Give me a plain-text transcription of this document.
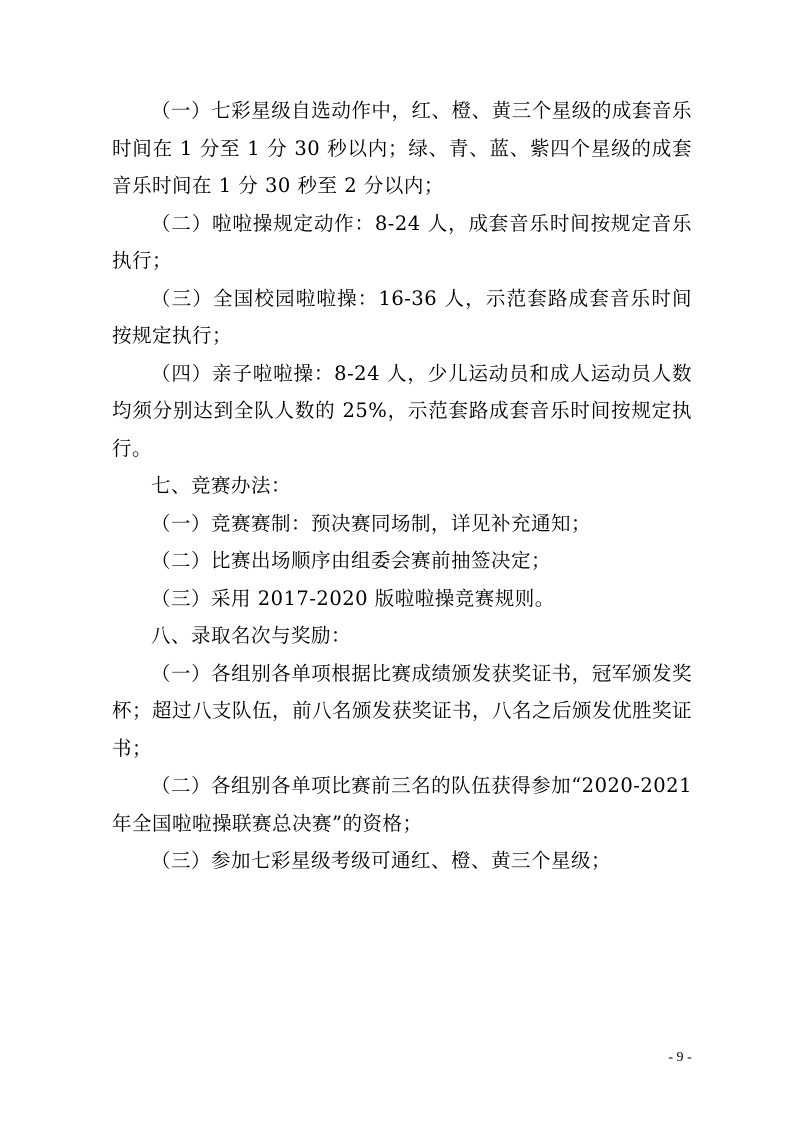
（一）七彩星级自选动作中，红、橙、黄三个星级的成套音乐时间在 1 分至 1 分 30 秒以内；绿、青、蓝、紫四个星级的成套音乐时间在 1 分 30 秒至 2 分以内；

（二）啦啦操规定动作：8-24 人，成套音乐时间按规定音乐执行；

（三）全国校园啦啦操：16-36 人，示范套路成套音乐时间按规定执行；

（四）亲子啦啦操：8-24 人，少儿运动员和成人运动员人数均须分别达到全队人数的 25%，示范套路成套音乐时间按规定执行。

七、竞赛办法：

（一）竞赛赛制：预决赛同场制，详见补充通知；

（二）比赛出场顺序由组委会赛前抽签决定；

（三）采用 2017-2020 版啦啦操竞赛规则。

八、录取名次与奖励：

（一）各组别各单项根据比赛成绩颁发获奖证书，冠军颁发奖杯；超过八支队伍，前八名颁发获奖证书，八名之后颁发优胜奖证书；

（二）各组别各单项比赛前三名的队伍获得参加“2020-2021 年全国啦啦操联赛总决赛”的资格；

（三）参加七彩星级考级可通红、橙、黄三个星级；

- 9 -
